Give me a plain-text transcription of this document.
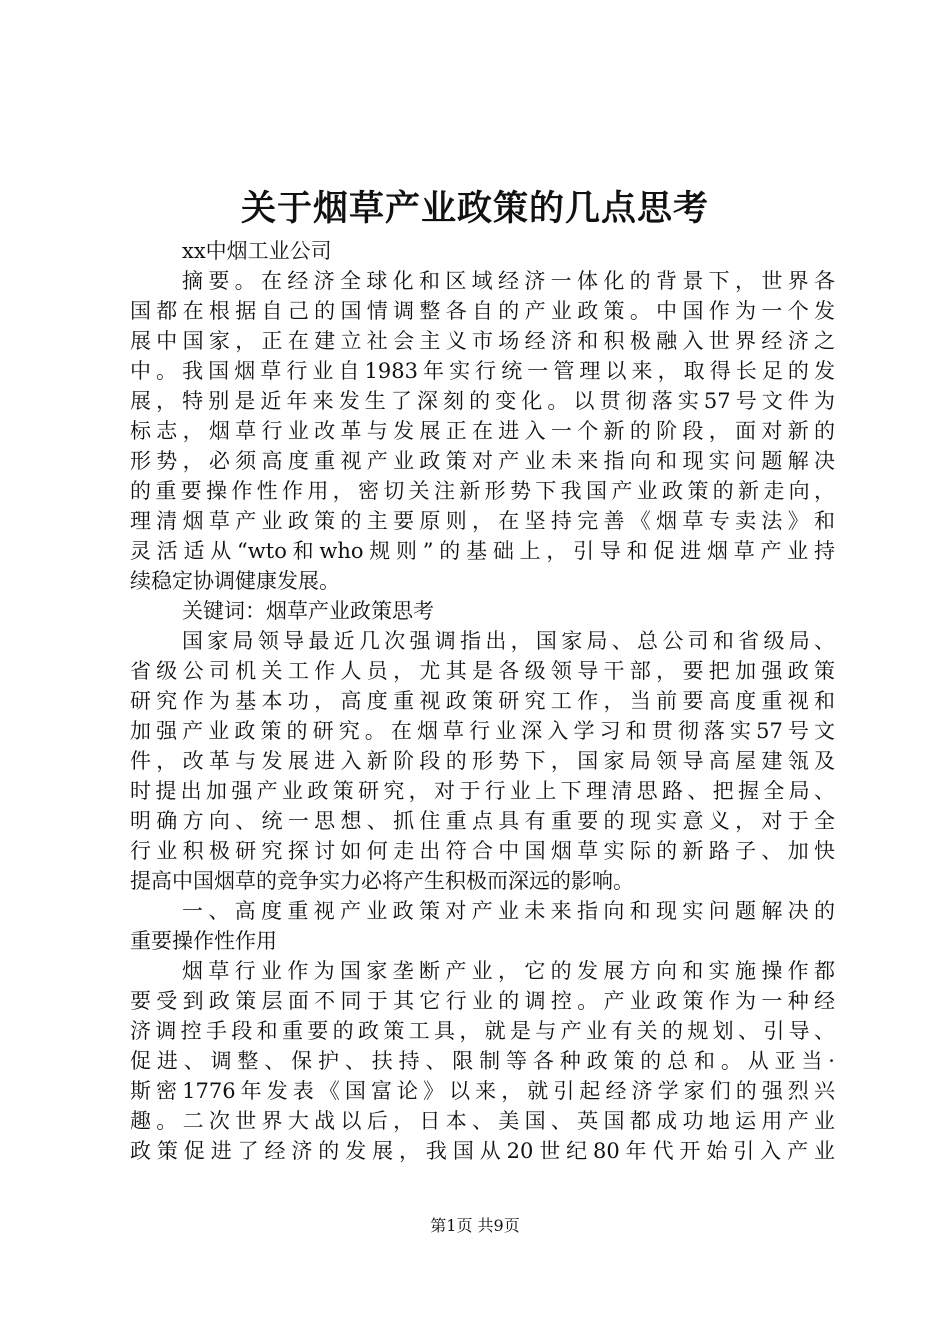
关于烟草产业政策的几点思考
xx中烟工业公司
摘要。在经济全球化和区域经济一体化的背景下，世界各
国都在根据自己的国情调整各自的产业政策。中国作为一个发
展中国家，正在建立社会主义市场经济和积极融入世界经济之
中。我国烟草行业自1983年实行统一管理以来，取得长足的发
展，特别是近年来发生了深刻的变化。以贯彻落实57号文件为
标志，烟草行业改革与发展正在进入一个新的阶段，面对新的
形势，必须高度重视产业政策对产业未来指向和现实问题解决
的重要操作性作用，密切关注新形势下我国产业政策的新走向，
理清烟草产业政策的主要原则，在坚持完善《烟草专卖法》和
灵活适从“wto和who规则”的基础上，引导和促进烟草产业持
续稳定协调健康发展。
关键词：烟草产业政策思考
国家局领导最近几次强调指出，国家局、总公司和省级局、
省级公司机关工作人员，尤其是各级领导干部，要把加强政策
研究作为基本功，高度重视政策研究工作，当前要高度重视和
加强产业政策的研究。在烟草行业深入学习和贯彻落实57号文
件，改革与发展进入新阶段的形势下，国家局领导高屋建瓴及
时提出加强产业政策研究，对于行业上下理清思路、把握全局、
明确方向、统一思想、抓住重点具有重要的现实意义，对于全
行业积极研究探讨如何走出符合中国烟草实际的新路子、加快
提高中国烟草的竞争实力必将产生积极而深远的影响。
一、高度重视产业政策对产业未来指向和现实问题解决的
重要操作性作用
烟草行业作为国家垄断产业，它的发展方向和实施操作都
要受到政策层面不同于其它行业的调控。产业政策作为一种经
济调控手段和重要的政策工具，就是与产业有关的规划、引导、
促进、调整、保护、扶持、限制等各种政策的总和。从亚当·
斯密1776年发表《国富论》以来，就引起经济学家们的强烈兴
趣。二次世界大战以后，日本、美国、英国都成功地运用产业
政策促进了经济的发展，我国从20世纪80年代开始引入产业
第1页 共9页
